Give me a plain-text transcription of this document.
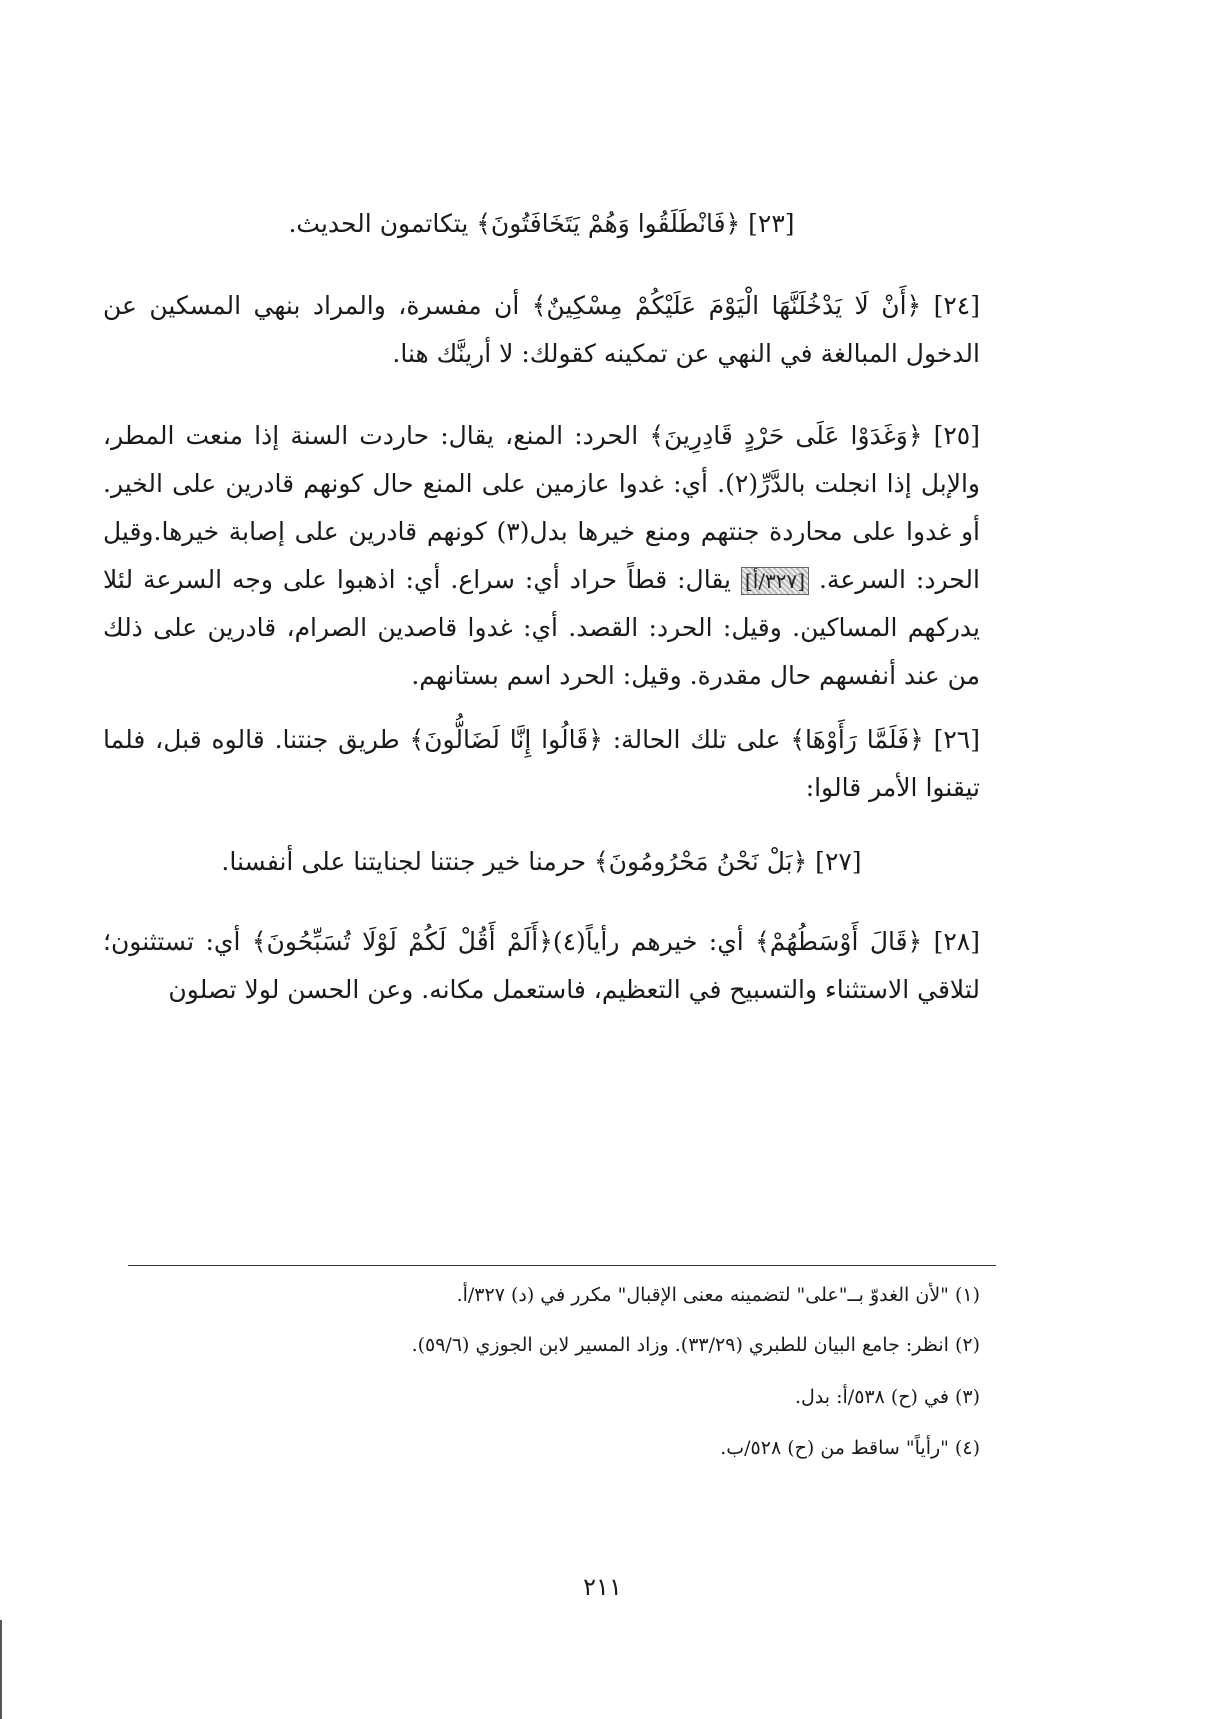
[٢٣] ﴿فَانْطَلَقُوا وَهُمْ يَتَخَافَتُونَ﴾ يتكاتمون الحديث.

[٢٤] ﴿أَنْ لَا يَدْخُلَنَّهَا الْيَوْمَ عَلَيْكُمْ مِسْكِينٌ﴾ أن مفسرة، والمراد بنهي المسكين عن الدخول المبالغة في النهي عن تمكينه كقولك: لا أرينَّك هنا.

[٢٥] ﴿وَغَدَوْا عَلَى حَرْدٍ قَادِرِينَ﴾ الحرد: المنع، يقال: حاردت السنة إذا منعت المطر، والإبل إذا انجلت بالدَّرِّ(٢). أي: غدوا عازمين على المنع حال كونهم قادرين على الخير. أو غدوا على محاردة جنتهم ومنع خيرها بدل(٣) كونهم قادرين على إصابة خيرها.وقيل الحرد: السرعة. [٣٢٧/أ] يقال: قطاً حراد أي: سراع. أي: اذهبوا على وجه السرعة لئلا يدركهم المساكين. وقيل: الحرد: القصد. أي: غدوا قاصدين الصرام، قادرين على ذلك من عند أنفسهم حال مقدرة. وقيل: الحرد اسم بستانهم.

[٢٦] ﴿فَلَمَّا رَأَوْهَا﴾ على تلك الحالة: ﴿قَالُوا إِنَّا لَضَالُّونَ﴾ طريق جنتنا. قالوه قبل، فلما تيقنوا الأمر قالوا:

[٢٧] ﴿بَلْ نَحْنُ مَحْرُومُونَ﴾ حرمنا خير جنتنا لجنايتنا على أنفسنا.

[٢٨] ﴿قَالَ أَوْسَطُهُمْ﴾ أي: خيرهم رأياً(٤)﴿أَلَمْ أَقُلْ لَكُمْ لَوْلَا تُسَبِّحُونَ﴾ أي: تستثنون؛ لتلاقي الاستثناء والتسبيح في التعظيم، فاستعمل مكانه. وعن الحسن لولا تصلون

(١) "لأن الغدوّ بــ"على" لتضمينه معنى الإقبال" مكرر في (د) ٣٢٧/أ.

(٢) انظر: جامع البيان للطبري (٣٣/٢٩). وزاد المسير لابن الجوزي (٥٩/٦).

(٣) في (ح) ٥٣٨/أ: بدل.

(٤) "رأياً" ساقط من (ح) ٥٢٨/ب.

٢١١
